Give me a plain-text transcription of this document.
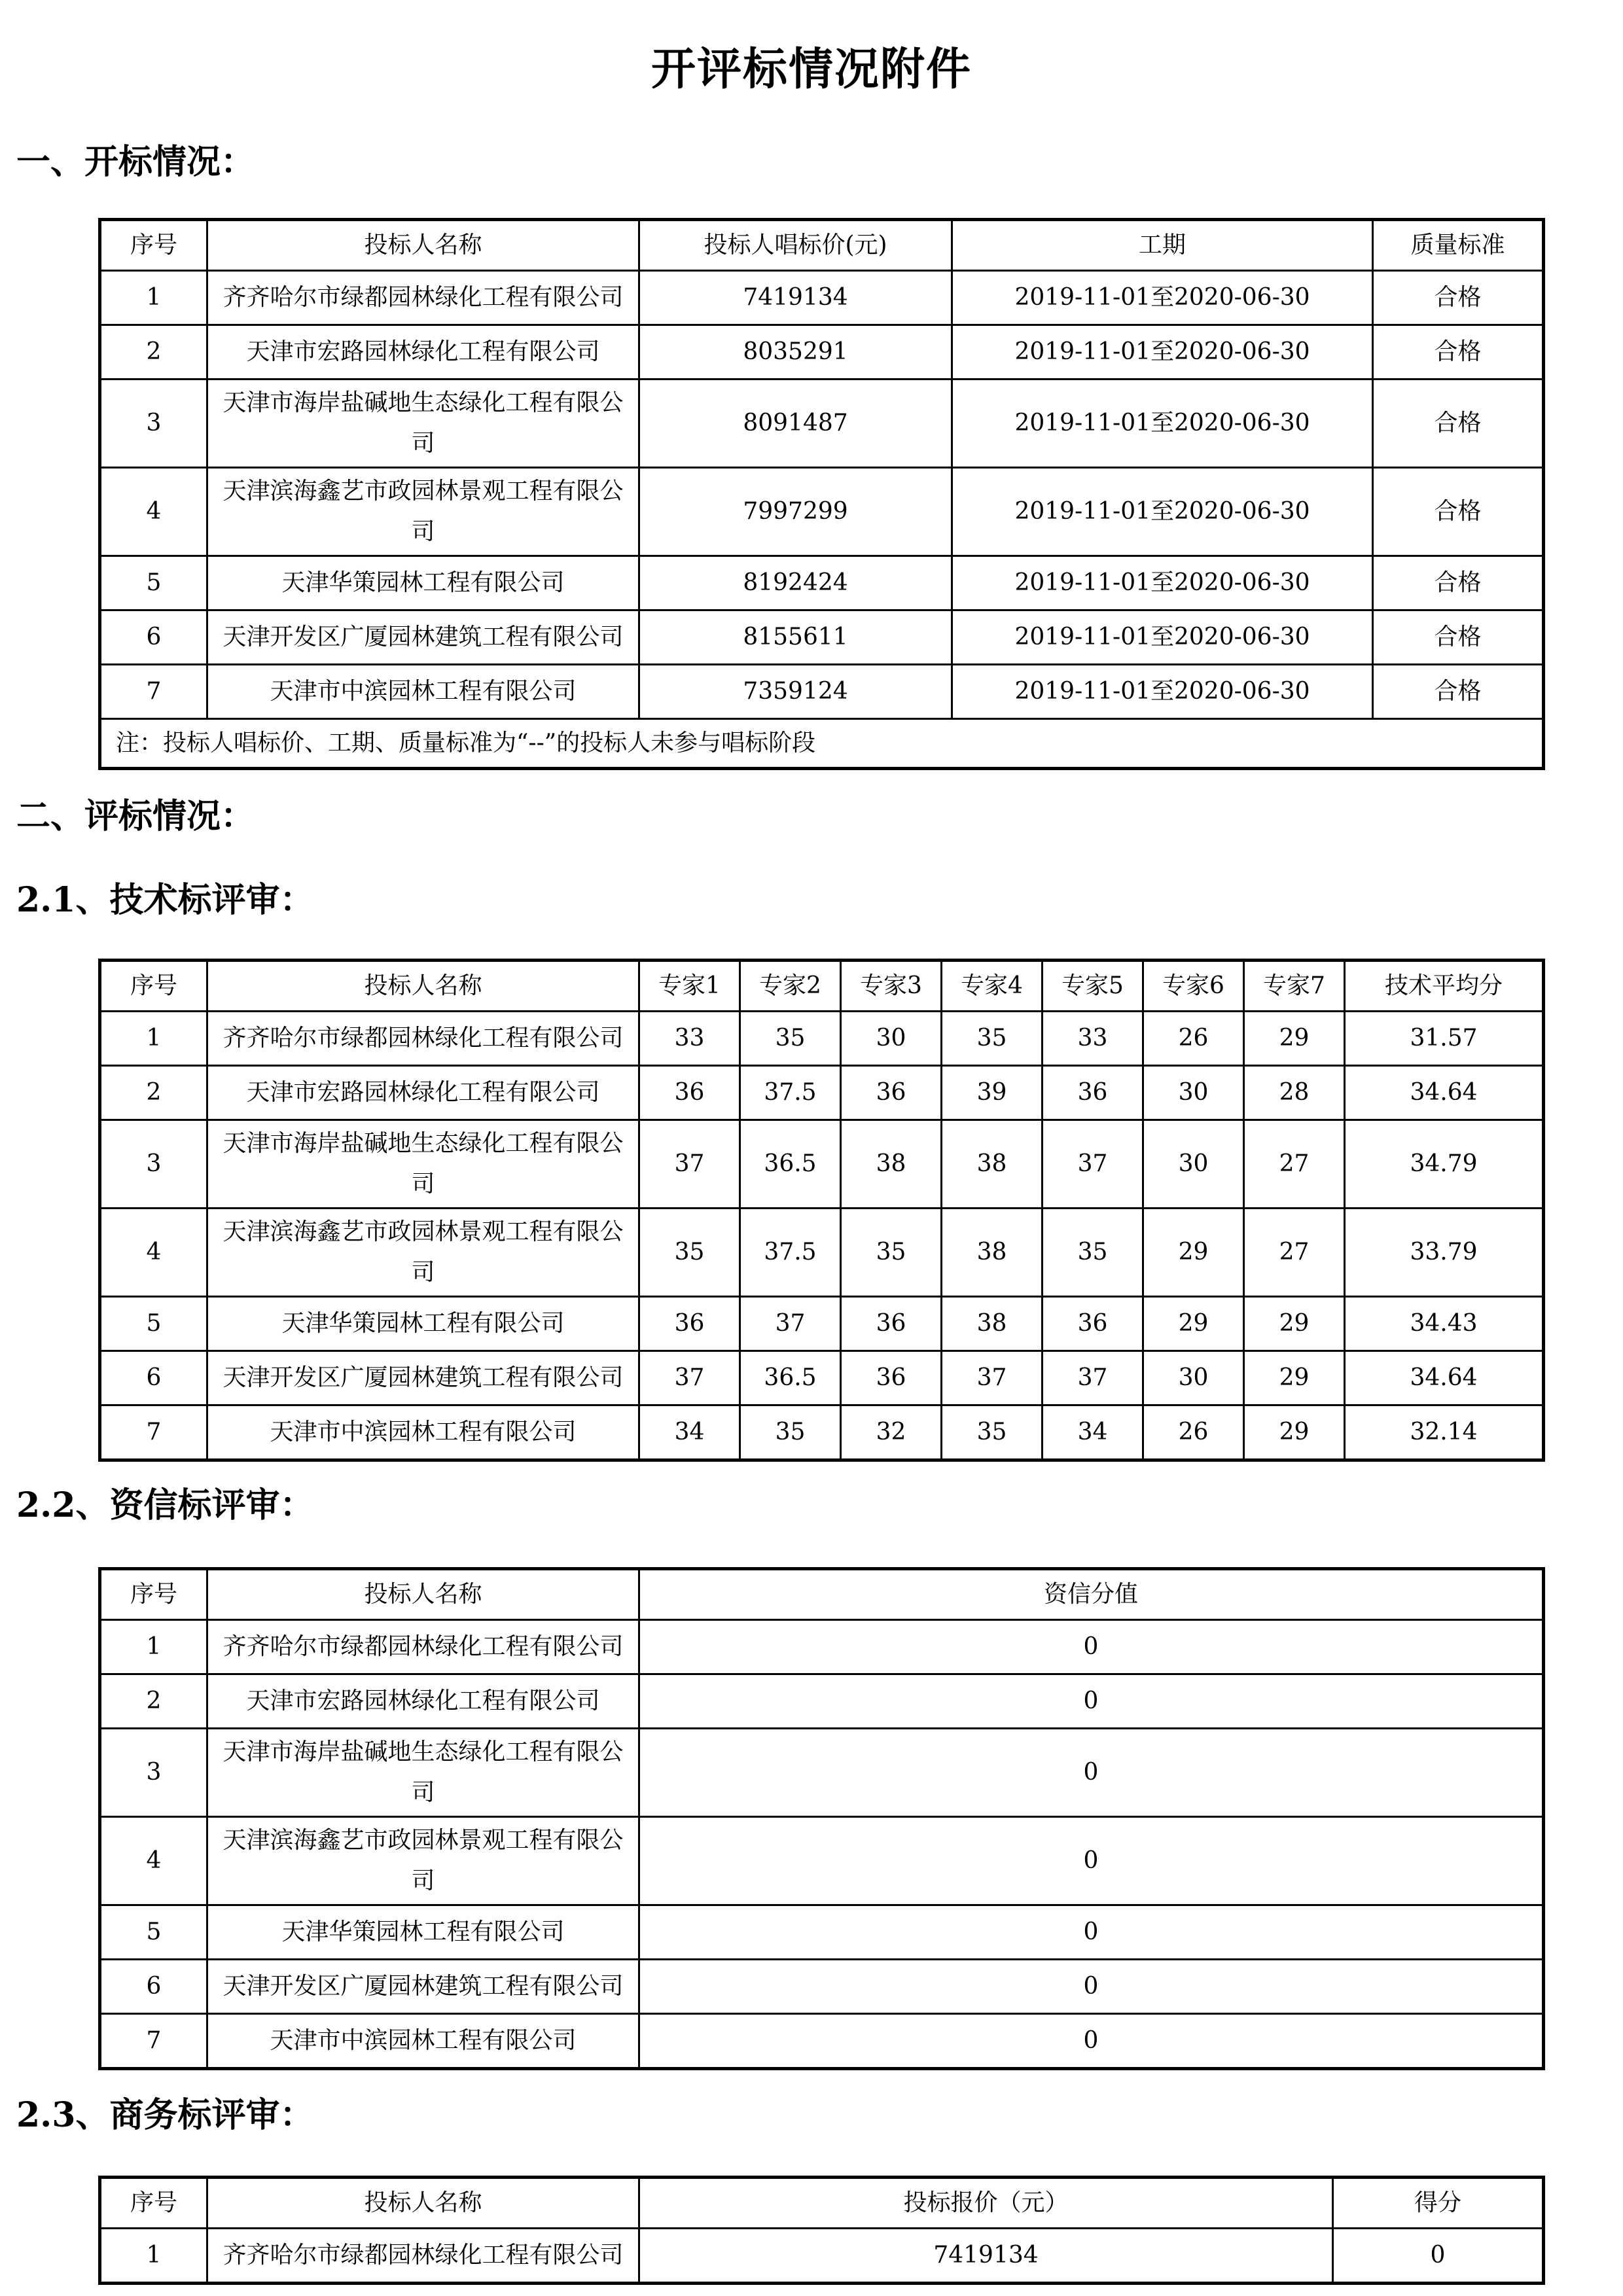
开评标情况附件
一、开标情况：
序号	投标人名称	投标人唱标价(元)	工期	质量标准
1	齐齐哈尔市绿都园林绿化工程有限公司	7419134	2019-11-01至2020-06-30	合格
2	天津市宏路园林绿化工程有限公司	8035291	2019-11-01至2020-06-30	合格
3	天津市海岸盐碱地生态绿化工程有限公司	8091487	2019-11-01至2020-06-30	合格
4	天津滨海鑫艺市政园林景观工程有限公司	7997299	2019-11-01至2020-06-30	合格
5	天津华策园林工程有限公司	8192424	2019-11-01至2020-06-30	合格
6	天津开发区广厦园林建筑工程有限公司	8155611	2019-11-01至2020-06-30	合格
7	天津市中滨园林工程有限公司	7359124	2019-11-01至2020-06-30	合格
注：投标人唱标价、工期、质量标准为“--”的投标人未参与唱标阶段				
二、评标情况：
2.1、技术标评审：
序号	投标人名称	专家1	专家2	专家3	专家4	专家5	专家6	专家7	技术平均分
1	齐齐哈尔市绿都园林绿化工程有限公司	33	35	30	35	33	26	29	31.57
2	天津市宏路园林绿化工程有限公司	36	37.5	36	39	36	30	28	34.64
3	天津市海岸盐碱地生态绿化工程有限公司	37	36.5	38	38	37	30	27	34.79
4	天津滨海鑫艺市政园林景观工程有限公司	35	37.5	35	38	35	29	27	33.79
5	天津华策园林工程有限公司	36	37	36	38	36	29	29	34.43
6	天津开发区广厦园林建筑工程有限公司	37	36.5	36	37	37	30	29	34.64
7	天津市中滨园林工程有限公司	34	35	32	35	34	26	29	32.14
2.2、资信标评审：
序号	投标人名称	资信分值
1	齐齐哈尔市绿都园林绿化工程有限公司	0
2	天津市宏路园林绿化工程有限公司	0
3	天津市海岸盐碱地生态绿化工程有限公司	0
4	天津滨海鑫艺市政园林景观工程有限公司	0
5	天津华策园林工程有限公司	0
6	天津开发区广厦园林建筑工程有限公司	0
7	天津市中滨园林工程有限公司	0
2.3、商务标评审：
序号	投标人名称	投标报价（元）	得分
1	齐齐哈尔市绿都园林绿化工程有限公司	7419134	0
